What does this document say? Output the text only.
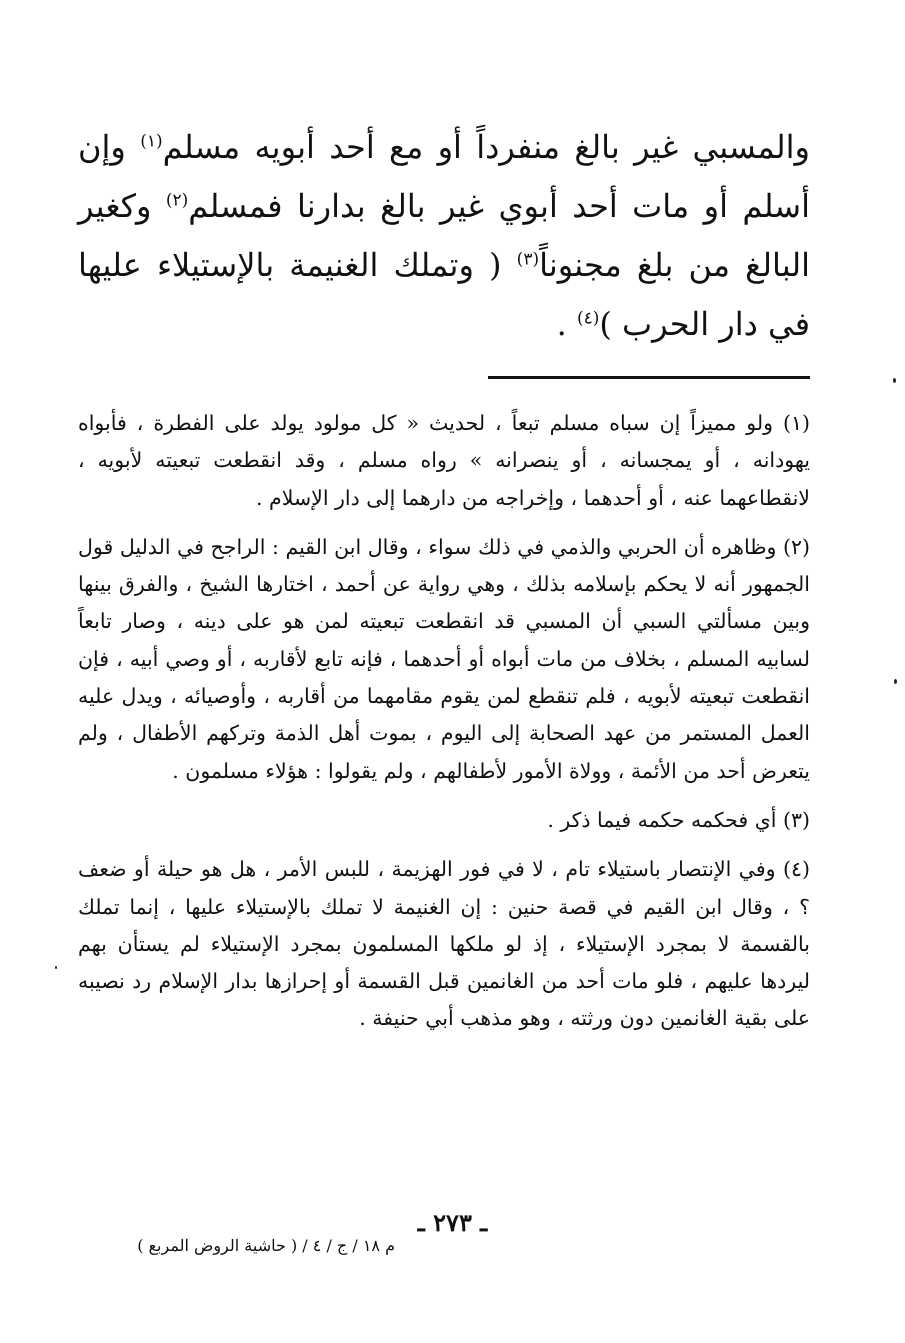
والمسبي غير بالغ منفرداً أو مع أحد أبويه مسلم$^{(١)}$ وإن أسلم أو مات أحد أبوي غير بالغ بدارنا فمسلم$^{(٢)}$ وكغير البالغ من بلغ مجنوناً$^{(٣)}$ ( وتملك الغنيمة بالإستيلاء عليها في دار الحرب )$^{(٤)}$ .

(١) ولو مميزاً إن سباه مسلم تبعاً ، لحديث « كل مولود يولد على الفطرة ، فأبواه يهودانه ، أو يمجسانه ، أو ينصرانه » رواه مسلم ، وقد انقطعت تبعيته لأبويه ، لانقطاعهما عنه ، أو أحدهما ، وإخراجه من دارهما إلى دار الإسلام .

(٢) وظاهره أن الحربي والذمي في ذلك سواء ، وقال ابن القيم : الراجح في الدليل قول الجمهور أنه لا يحكم بإسلامه بذلك ، وهي رواية عن أحمد ، اختارها الشيخ ، والفرق بينها وبين مسألتي السبي أن المسبي قد انقطعت تبعيته لمن هو على دينه ، وصار تابعاً لسابيه المسلم ، بخلاف من مات أبواه أو أحدهما ، فإنه تابع لأقاربه ، أو وصي أبيه ، فإن انقطعت تبعيته لأبويه ، فلم تنقطع لمن يقوم مقامهما من أقاربه ، وأوصيائه ، ويدل عليه العمل المستمر من عهد الصحابة إلى اليوم ، بموت أهل الذمة وتركهم الأطفال ، ولم يتعرض أحد من الأئمة ، وولاة الأمور لأطفالهم ، ولم يقولوا : هؤلاء مسلمون .

(٣) أي فحكمه حكمه فيما ذكر .

(٤) وفي الإنتصار باستيلاء تام ، لا في فور الهزيمة ، للبس الأمر ، هل هو حيلة أو ضعف ؟ ، وقال ابن القيم في قصة حنين : إن الغنيمة لا تملك بالإستيلاء عليها ، إنما تملك بالقسمة لا بمجرد الإستيلاء ، إذ لو ملكها المسلمون بمجرد الإستيلاء لم يستأن بهم ليردها عليهم ، فلو مات أحد من الغانمين قبل القسمة أو إحرازها بدار الإسلام رد نصيبه على بقية الغانمين دون ورثته ، وهو مذهب أبي حنيفة .

ـ ٢٧٣ ـ
م ١٨ / ج / ٤ / ( حاشية الروض المربع )
